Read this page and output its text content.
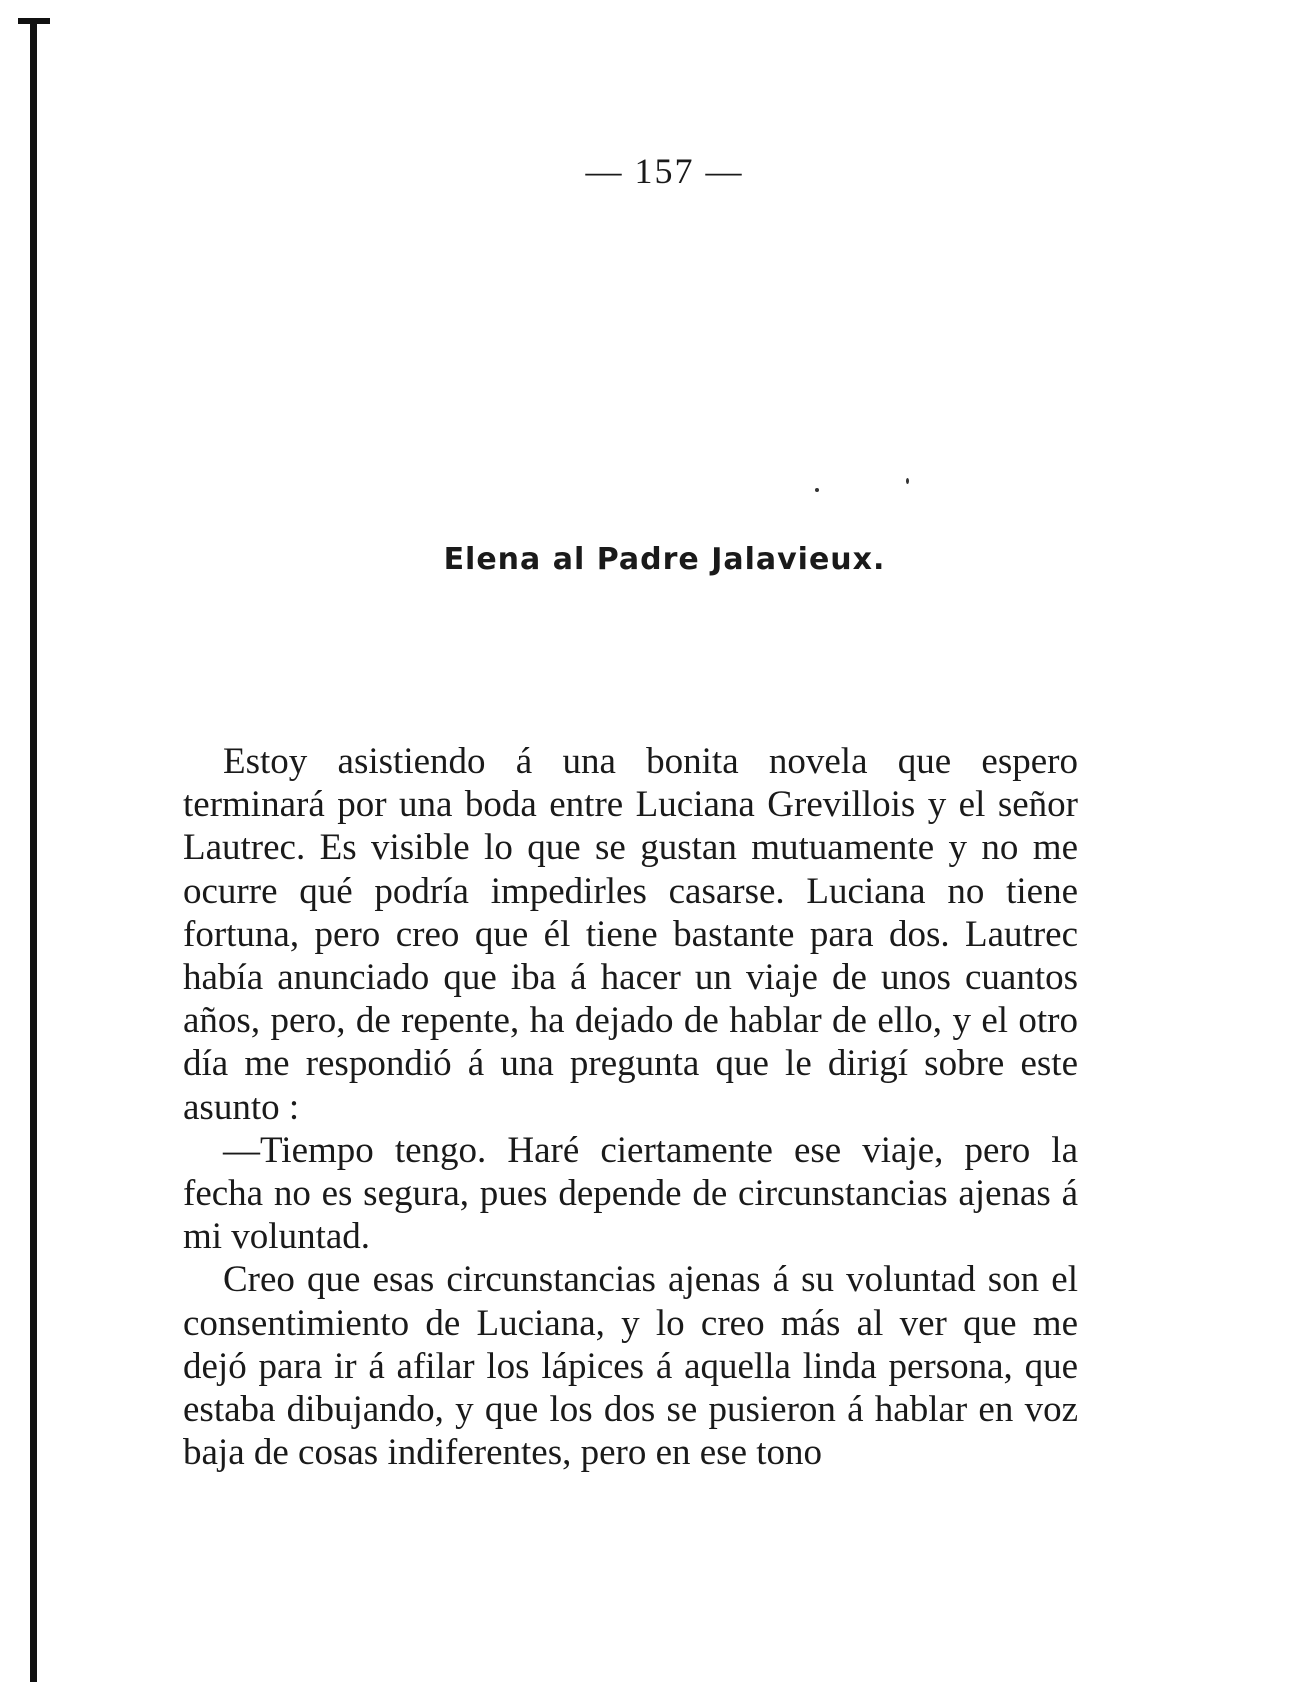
— 157 —
Elena al Padre Jalavieux.

Estoy asistiendo á una bonita novela que espero terminará por una boda entre Luciana Grevillois y el señor Lautrec. Es visible lo que se gustan mutuamente y no me ocurre qué podría impedirles casarse. Luciana no tiene fortuna, pero creo que él tiene bastante para dos. Lautrec había anunciado que iba á hacer un viaje de unos cuantos años, pero, de repente, ha dejado de hablar de ello, y el otro día me respondió á una pregunta que le dirigí sobre este asunto :

—Tiempo tengo. Haré ciertamente ese viaje, pero la fecha no es segura, pues depende de circunstancias ajenas á mi voluntad.

Creo que esas circunstancias ajenas á su voluntad son el consentimiento de Luciana, y lo creo más al ver que me dejó para ir á afilar los lápices á aquella linda persona, que estaba dibujando, y que los dos se pusieron á hablar en voz baja de cosas indiferentes, pero en ese tono
